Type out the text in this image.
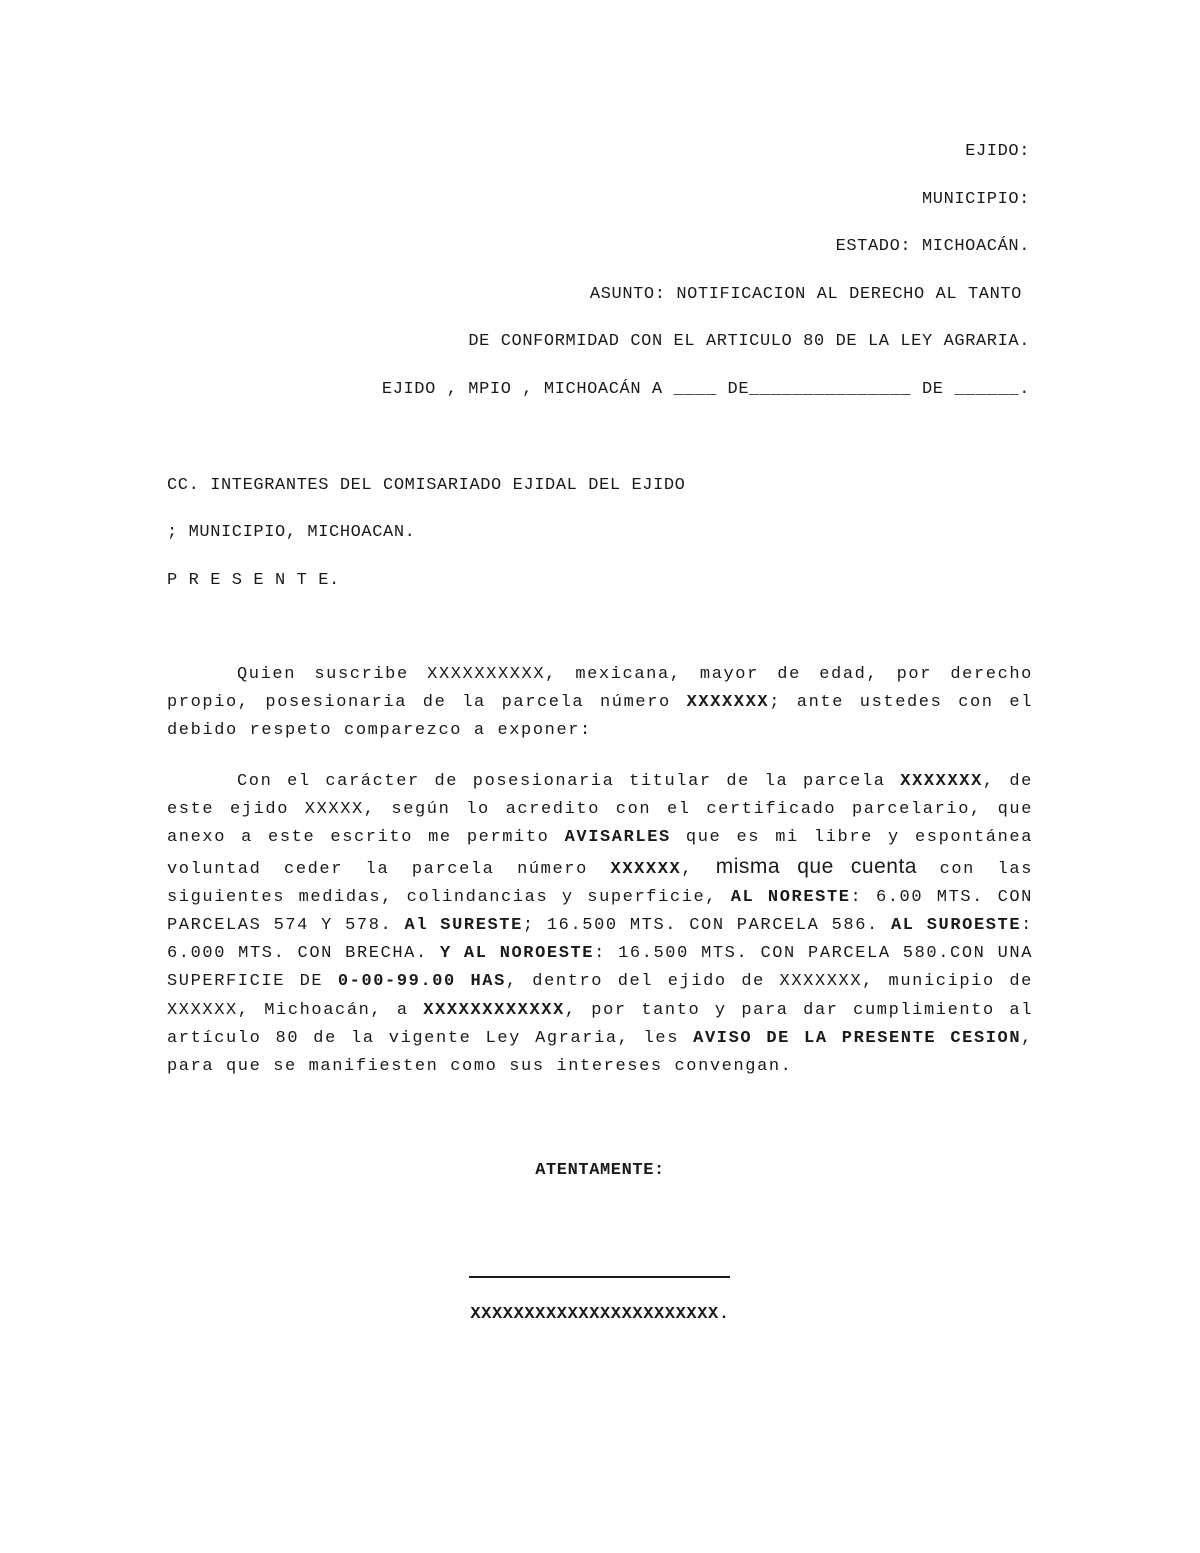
EJIDO:
MUNICIPIO:
ESTADO: MICHOACÁN.
ASUNTO: NOTIFICACION AL DERECHO AL TANTO
DE CONFORMIDAD CON EL ARTICULO 80 DE LA LEY AGRARIA.
EJIDO , MPIO , MICHOACÁN A ____ DE_______________ DE ______.
CC. INTEGRANTES DEL COMISARIADO EJIDAL DEL EJIDO
; MUNICIPIO, MICHOACAN.
P R E S E N T E.

Quien suscribe XXXXXXXXXX, mexicana, mayor de edad, por derecho propio, posesionaria de la parcela número XXXXXXX; ante ustedes con el debido respeto comparezco a exponer:

Con el carácter de posesionaria titular de la parcela XXXXXXX, de este ejido XXXXX, según lo acredito con el certificado parcelario, que anexo a este escrito me permito AVISARLES que es mi libre y espontánea voluntad ceder la parcela número XXXXXX, misma que cuenta con las siguientes medidas, colindancias y superficie, AL NORESTE: 6.00 MTS. CON PARCELAS 574 Y 578. Al SURESTE; 16.500 MTS. CON PARCELA 586. AL SUROESTE: 6.000 MTS. CON BRECHA. Y AL NOROESTE: 16.500 MTS. CON PARCELA 580.CON UNA SUPERFICIE DE 0-00-99.00 HAS, dentro del ejido de XXXXXXX, municipio de XXXXXX, Michoacán, a XXXXXXXXXXXX, por tanto y para dar cumplimiento al artículo 80 de la vigente Ley Agraria, les AVISO DE LA PRESENTE CESION, para que se manifiesten como sus intereses convengan.

ATENTAMENTE:
XXXXXXXXXXXXXXXXXXXXXXX.
